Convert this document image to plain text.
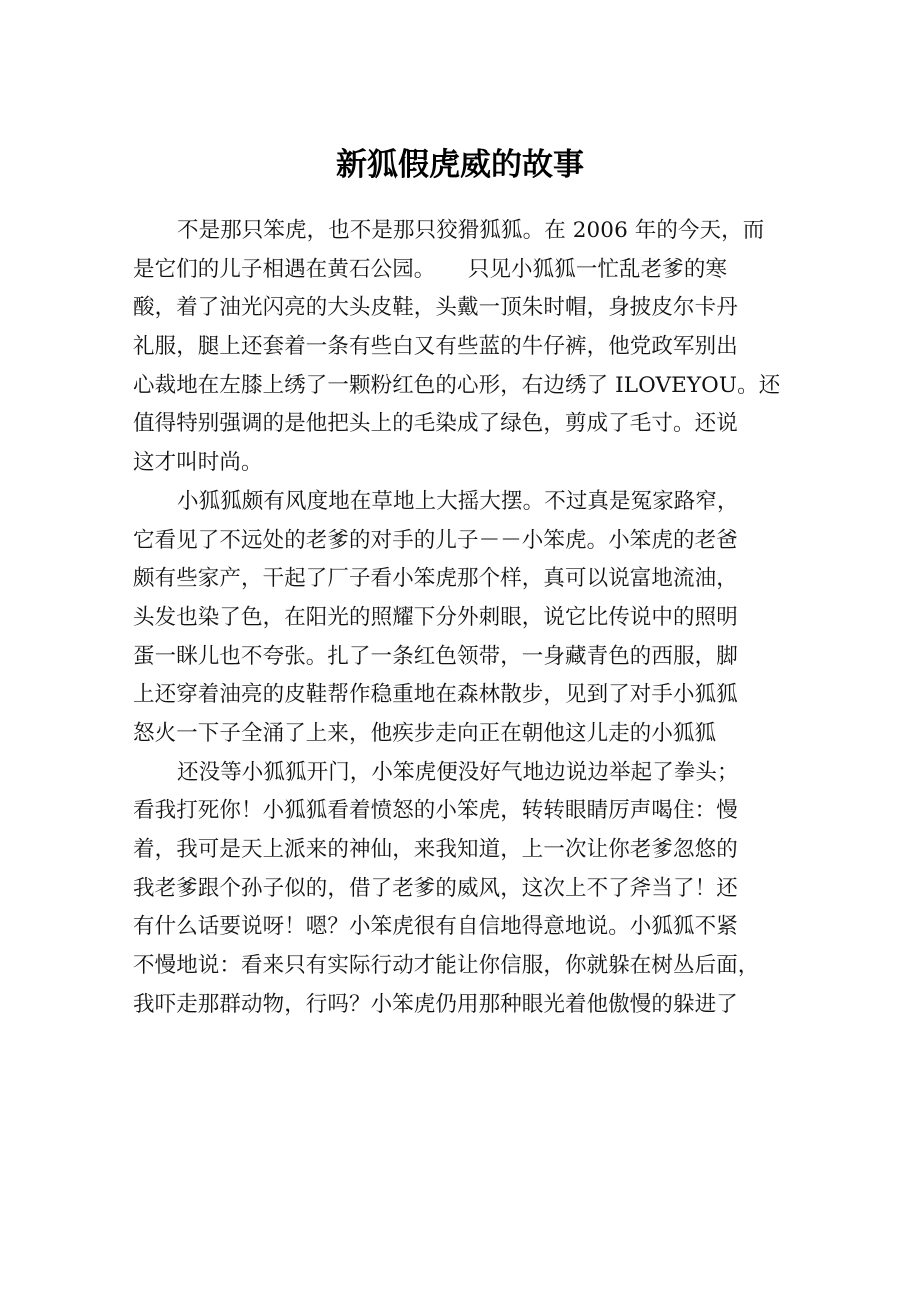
新狐假虎威的故事
不是那只笨虎，也不是那只狡猾狐狐。在 2006 年的今天，而
是它们的儿子相遇在黄石公园。　　只见小狐狐一忙乱老爹的寒
酸，着了油光闪亮的大头皮鞋，头戴一顶朱时帽，身披皮尔卡丹
礼服，腿上还套着一条有些白又有些蓝的牛仔裤，他党政军别出
心裁地在左膝上绣了一颗粉红色的心形，右边绣了 ILOVEYOU。还
值得特别强调的是他把头上的毛染成了绿色，剪成了毛寸。还说
这才叫时尚。
小狐狐颇有风度地在草地上大摇大摆。不过真是冤家路窄，
它看见了不远处的老爹的对手的儿子－－小笨虎。小笨虎的老爸
颇有些家产，干起了厂子看小笨虎那个样，真可以说富地流油，
头发也染了色，在阳光的照耀下分外刺眼，说它比传说中的照明
蛋一眯儿也不夸张。扎了一条红色领带，一身藏青色的西服，脚
上还穿着油亮的皮鞋帮作稳重地在森林散步，见到了对手小狐狐
怒火一下子全涌了上来，他疾步走向正在朝他这儿走的小狐狐
还没等小狐狐开门，小笨虎便没好气地边说边举起了拳头；
看我打死你！小狐狐看着愤怒的小笨虎，转转眼睛厉声喝住：慢
着，我可是天上派来的神仙，来我知道，上一次让你老爹忽悠的
我老爹跟个孙子似的，借了老爹的威风，这次上不了斧当了！还
有什么话要说呀！嗯？小笨虎很有自信地得意地说。小狐狐不紧
不慢地说：看来只有实际行动才能让你信服，你就躲在树丛后面，
我吓走那群动物，行吗？小笨虎仍用那种眼光着他傲慢的躲进了
